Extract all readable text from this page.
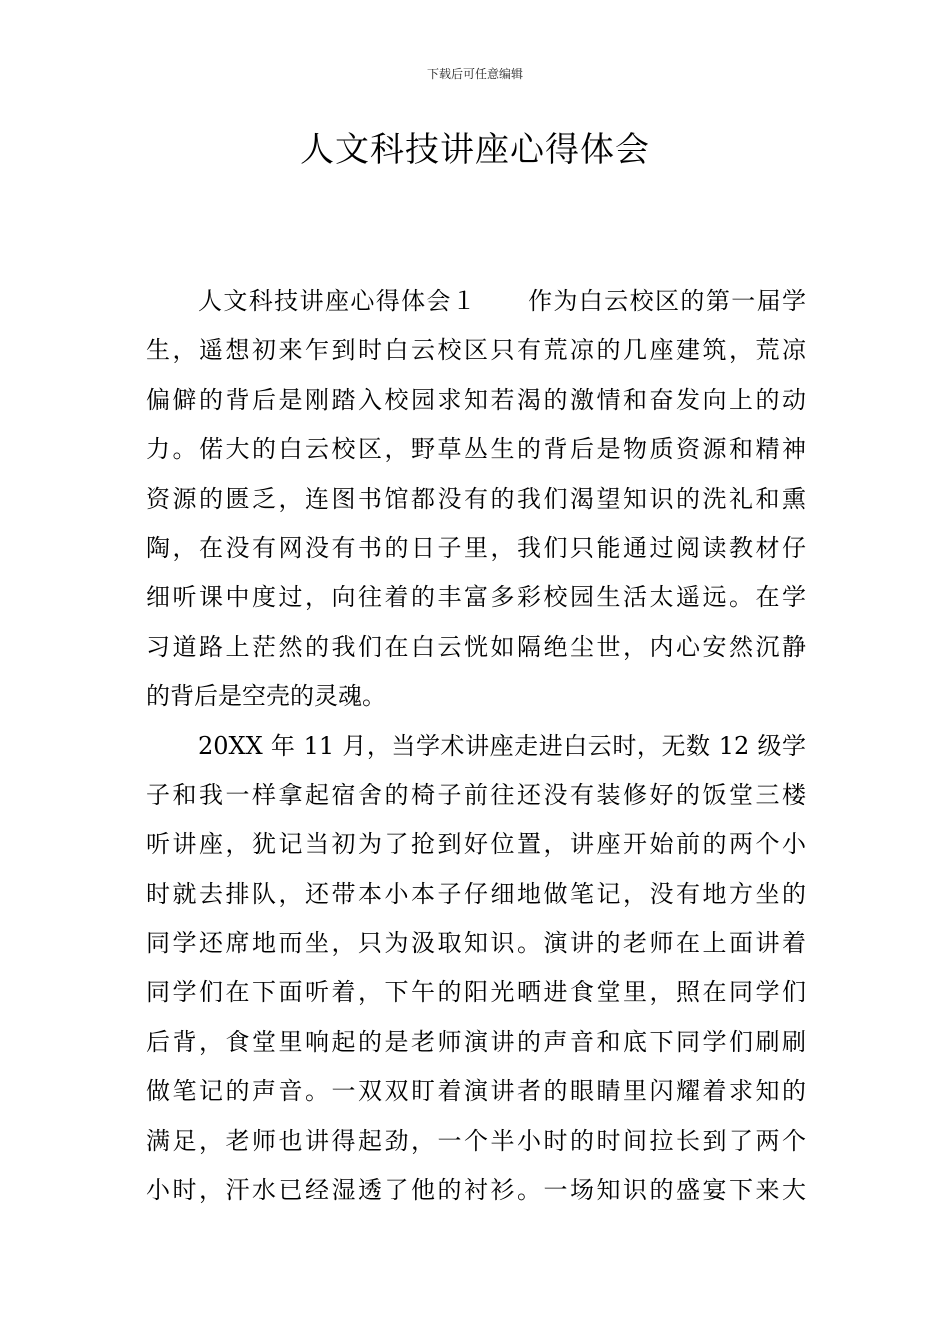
下载后可任意编辑
人文科技讲座心得体会
人文科技讲座心得体会１　　作为白云校区的第一届学
生，遥想初来乍到时白云校区只有荒凉的几座建筑，荒凉
偏僻的背后是刚踏入校园求知若渴的激情和奋发向上的动
力。偌大的白云校区，野草丛生的背后是物质资源和精神
资源的匮乏，连图书馆都没有的我们渴望知识的洗礼和熏
陶，在没有网没有书的日子里，我们只能通过阅读教材仔
细听课中度过，向往着的丰富多彩校园生活太遥远。在学
习道路上茫然的我们在白云恍如隔绝尘世，内心安然沉静
的背后是空壳的灵魂。
20XX 年 11 月，当学术讲座走进白云时，无数 12 级学
子和我一样拿起宿舍的椅子前往还没有装修好的饭堂三楼
听讲座，犹记当初为了抢到好位置，讲座开始前的两个小
时就去排队，还带本小本子仔细地做笔记，没有地方坐的
同学还席地而坐，只为汲取知识。演讲的老师在上面讲着
同学们在下面听着，下午的阳光晒进食堂里，照在同学们
后背，食堂里响起的是老师演讲的声音和底下同学们刷刷
做笔记的声音。一双双盯着演讲者的眼睛里闪耀着求知的
满足，老师也讲得起劲，一个半小时的时间拉长到了两个
小时，汗水已经湿透了他的衬衫。一场知识的盛宴下来大
